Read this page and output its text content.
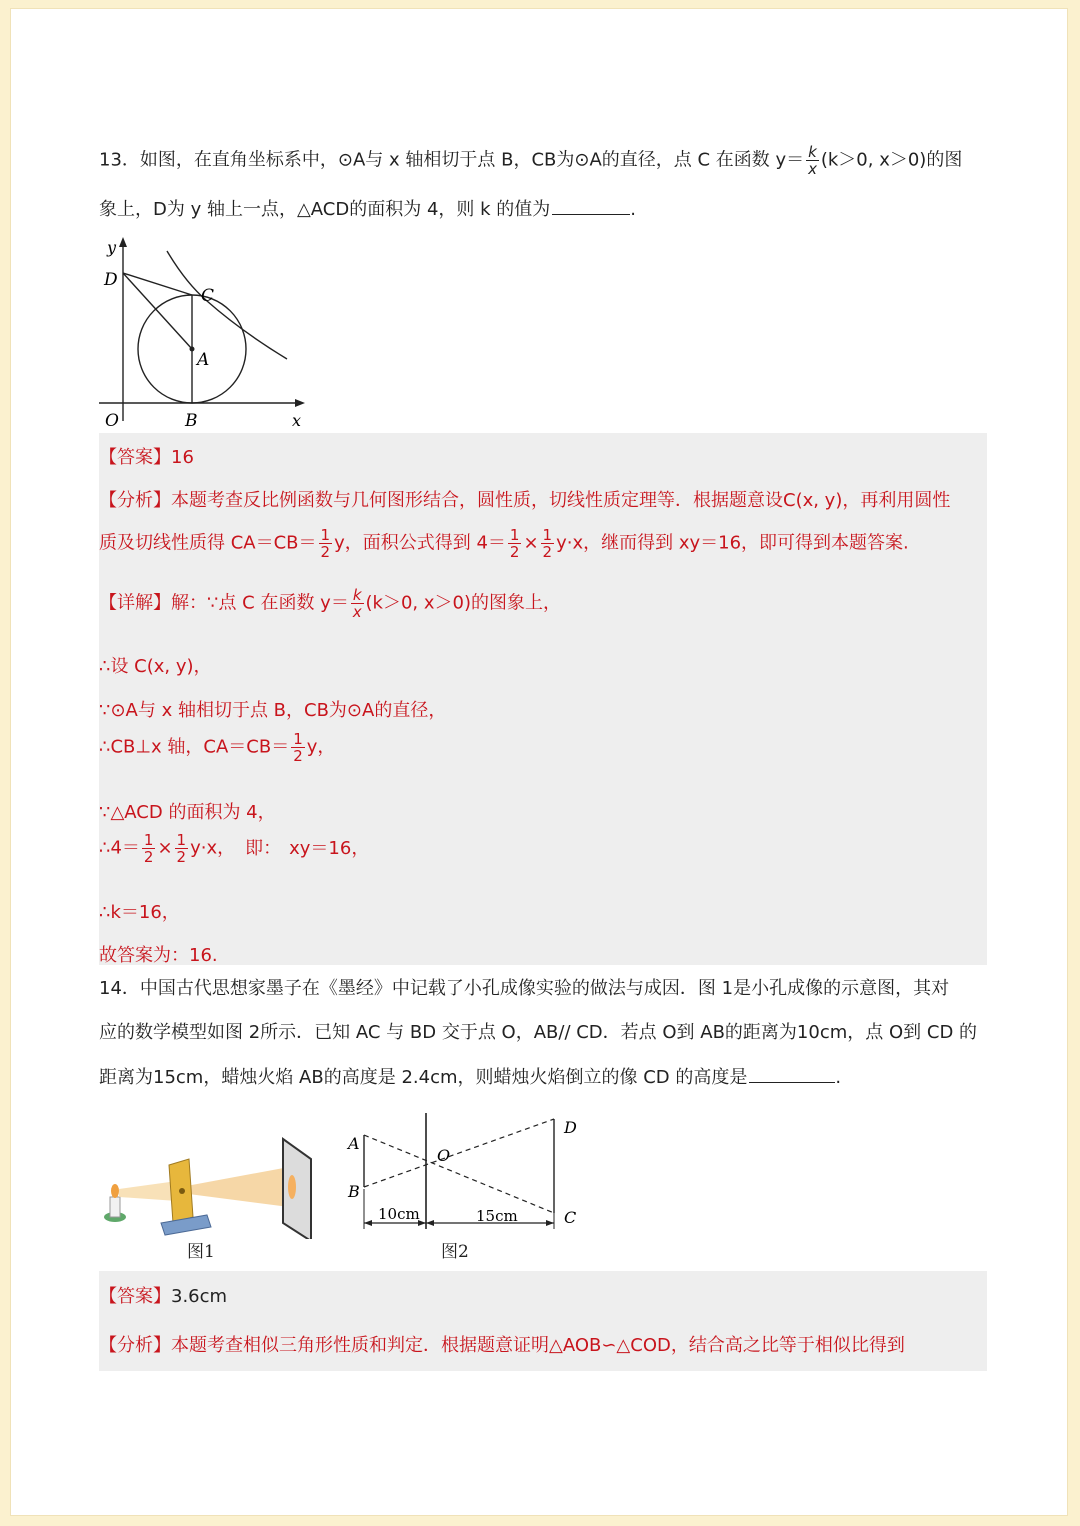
13．如图，在直角坐标系中，⊙A与 x 轴相切于点 B，CB为⊙A的直径，点 C 在函数 $y= \frac{k}{x} (k>0$, x＞0)的图
象上，D为 y 轴上一点，△ACD的面积为 4，则 k 的值为	.
y
D
C
A
O	B	x
【答案】16
【分析】本题考查反比例函数与几何图形结合，圆性质，切线性质定理等．根据题意设C(x, y)，再利用圆性
质及切线性质得 $CA=CB= \frac{1}{2}$ y，面积公式得到 $4= \frac{1}{2} \times \frac{1}{2} y\cdot x$，继而得到 xy＝16，即可得到本题答案.
【详解】解：∵点 C 在函数 $y= \frac{k}{x} (k>0$, x＞0)的图象上，
∴设 C(x, y)，
∵⊙A与 x 轴相切于点 B，CB为⊙A的直径，
∴CB⊥x 轴，$CA=CB= \frac{1}{2}$ y，
∵△ACD 的面积为 4，
∴4＝ $\frac{1}{2} \times \frac{1}{2} y\cdot x$， 即： xy＝16，
∴k＝16，
故答案为：16.
14．中国古代思想家墨子在《墨经》中记载了小孔成像实验的做法与成因．图 1是小孔成像的示意图，其对
应的数学模型如图 2所示．已知 AC 与 BD 交于点 O，AB// CD．若点 O到 AB的距离为10cm，点 O到 CD 的
距离为15cm，蜡烛火焰 AB的高度是 2.4cm，则蜡烛火焰倒立的像 CD 的高度是	.
图1
A
B
O
D
C
10cm	15cm
图2
【答案】3.6cm
【分析】本题考查相似三角形性质和判定．根据题意证明△AOB∽△COD，结合高之比等于相似比得到
